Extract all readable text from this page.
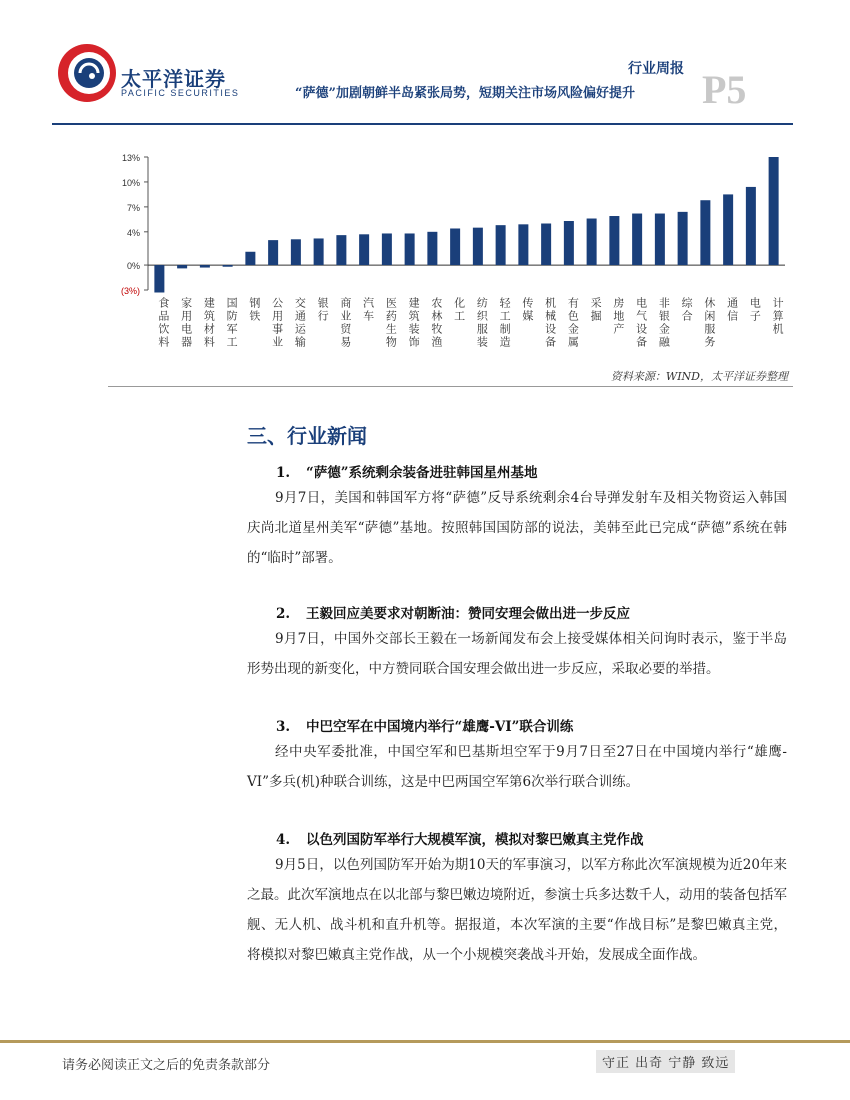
太平洋证券
PACIFIC SECURITIES
行业周报
“萨德”加剧朝鲜半岛紧张局势，短期关注市场风险偏好提升 P5
13%
10%
7%
4%
0%
(3%)
食品饮料 家用电器 建筑材料 国防军工 钢铁 公用事业 交通运输 银行 商业贸易 汽车 医药生物 建筑装饰 农林牧渔 化工 纺织服装 轻工制造 传媒 机械设备 有色金属 采掘 房地产 电气设备 非银金融 综合 休闲服务 通信 电子 计算机
资料来源：WIND，太平洋证券整理
三、行业新闻
1. “萨德”系统剩余装备进驻韩国星州基地
9月7日，美国和韩国军方将“萨德”反导系统剩余4台导弹发射车及相关物资运入韩国庆尚北道星州美军“萨德”基地。按照韩国国防部的说法，美韩至此已完成“萨德”系统在韩的“临时”部署。
2. 王毅回应美要求对朝断油：赞同安理会做出进一步反应
9月7日，中国外交部长王毅在一场新闻发布会上接受媒体相关问询时表示，鉴于半岛形势出现的新变化，中方赞同联合国安理会做出进一步反应，采取必要的举措。
3. 中巴空军在中国境内举行“雄鹰-VI”联合训练
经中央军委批准，中国空军和巴基斯坦空军于9月7日至27日在中国境内举行“雄鹰-VI”多兵(机)种联合训练，这是中巴两国空军第6次举行联合训练。
4. 以色列国防军举行大规模军演，模拟对黎巴嫩真主党作战
9月5日，以色列国防军开始为期10天的军事演习，以军方称此次军演规模为近20年来之最。此次军演地点在以北部与黎巴嫩边境附近，参演士兵多达数千人，动用的装备包括军舰、无人机、战斗机和直升机等。据报道，本次军演的主要“作战目标”是黎巴嫩真主党，将模拟对黎巴嫩真主党作战，从一个小规模突袭战斗开始，发展成全面作战。
请务必阅读正文之后的免责条款部分	守正 出奇 宁静 致远
